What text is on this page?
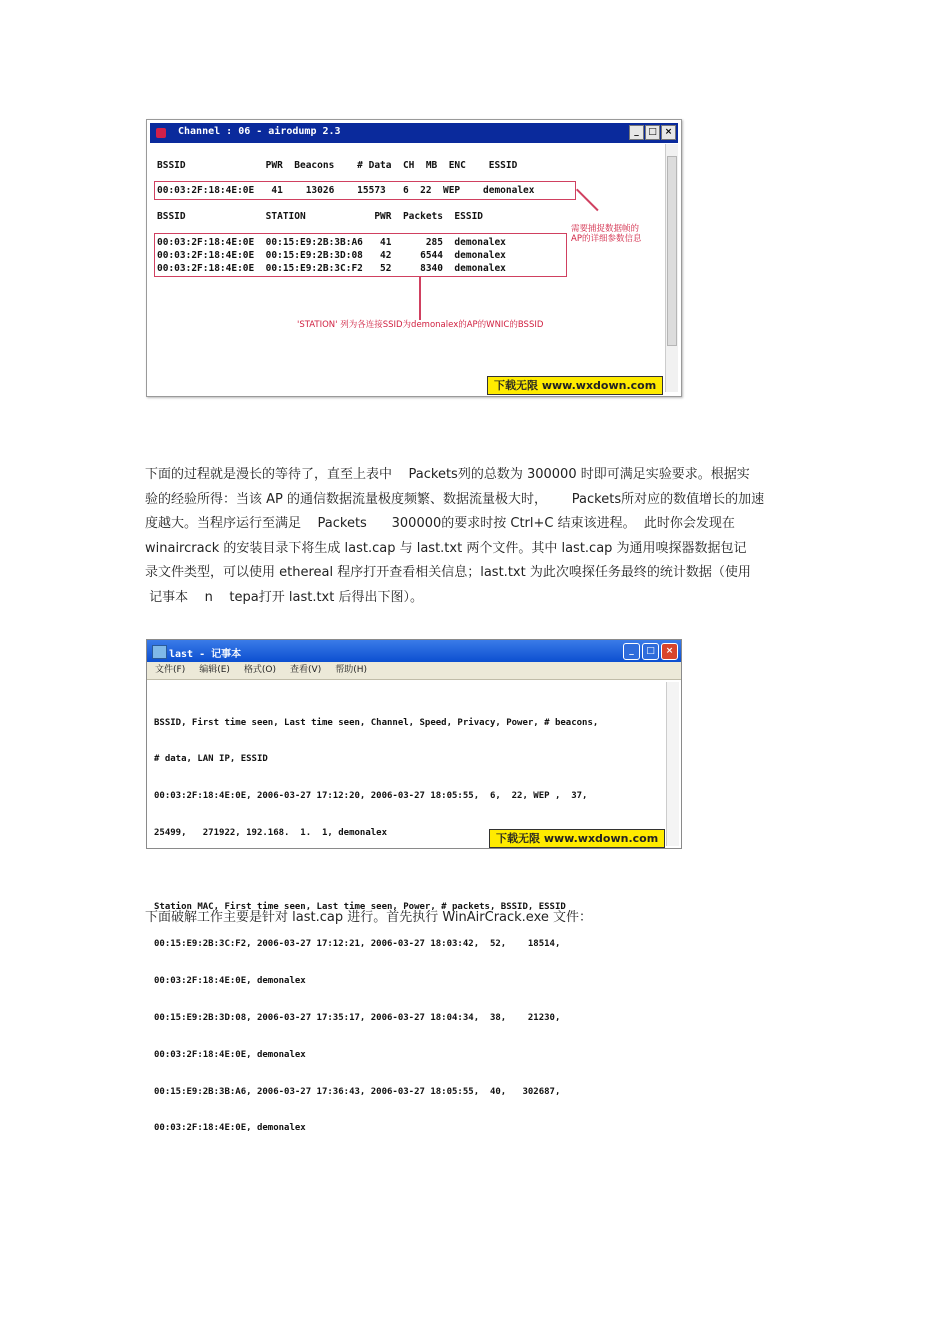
Channel : 06 - airodump 2.3	_	□ ×
BSSID              PWR  Beacons    # Data  CH  MB  ENC    ESSID
00:03:2F:18:4E:0E   41    13026    15573   6  22  WEP    demonalex
BSSID              STATION            PWR  Packets  ESSID
00:03:2F:18:4E:0E  00:15:E9:2B:3B:A6   41      285  demonalex
00:03:2F:18:4E:0E  00:15:E9:2B:3D:08   42     6544  demonalex
00:03:2F:18:4E:0E  00:15:E9:2B:3C:F2   52     8340  demonalex
需要捕捉数据帧的
AP的详细参数信息
'STATION' 列为各连接SSID为demonalex的AP的WNIC的BSSID
下载无限 www.wxdown.com

下面的过程就是漫长的等待了，直至上表中    Packets列的总数为 300000 时即可满足实验要求。根据实

验的经验所得：当该 AP 的通信数据流量极度频繁、数据流量极大时，      Packets所对应的数值增长的加速

度越大。当程序运行至满足    Packets      300000的要求时按 Ctrl+C 结束该进程。  此时你会发现在

winaircrack 的安装目录下将生成 last.cap 与 last.txt 两个文件。其中 last.cap 为通用嗅探器数据包记

录文件类型，可以使用 ethereal 程序打开查看相关信息；last.txt 为此次嗅探任务最终的统计数据（使用

记事本    n    tepa打开 last.txt 后得出下图）。

last - 记事本	_	□	×
文件(F) 编辑(E) 格式(O) 查看(V) 帮助(H)

BSSID, First time seen, Last time seen, Channel, Speed, Privacy, Power, # beacons,

# data, LAN IP, ESSID

00:03:2F:18:4E:0E, 2006-03-27 17:12:20, 2006-03-27 18:05:55,  6,  22, WEP ,  37,

25499,   271922, 192.168.  1.  1, demonalex

Station MAC, First time seen, Last time seen, Power, # packets, BSSID, ESSID

00:15:E9:2B:3C:F2, 2006-03-27 17:12:21, 2006-03-27 18:03:42,  52,    18514,

00:03:2F:18:4E:0E, demonalex

00:15:E9:2B:3D:08, 2006-03-27 17:35:17, 2006-03-27 18:04:34,  38,    21230,

00:03:2F:18:4E:0E, demonalex

00:15:E9:2B:3B:A6, 2006-03-27 17:36:43, 2006-03-27 18:05:55,  40,   302687,

00:03:2F:18:4E:0E, demonalex

下载无限 www.wxdown.com

下面破解工作主要是针对 last.cap 进行。首先执行 WinAirCrack.exe 文件：
